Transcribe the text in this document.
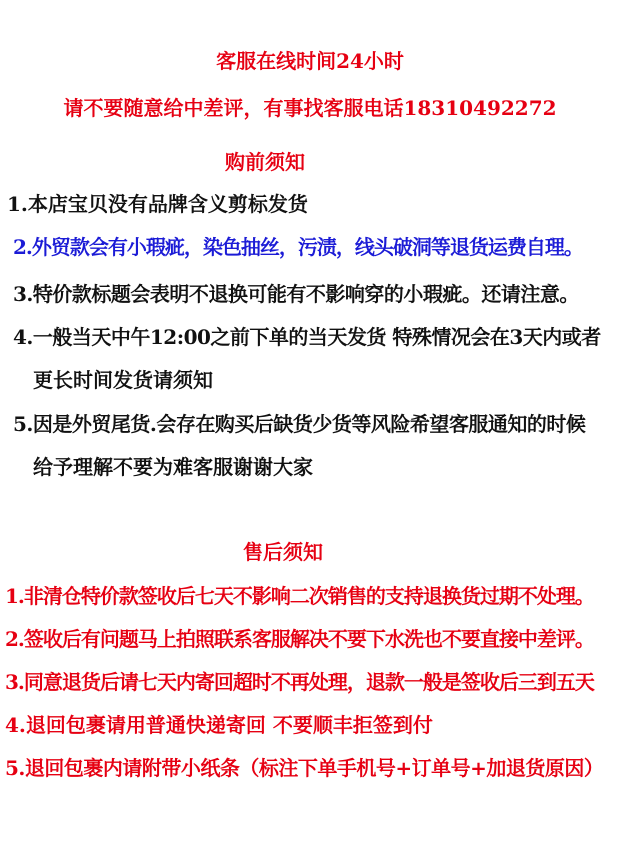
客服在线时间24小时
请不要随意给中差评，有事找客服电话18310492272
购前须知
1.本店宝贝没有品牌含义剪标发货
2.外贸款会有小瑕疵，染色抽丝，污渍，线头破洞等退货运费自理。
3.特价款标题会表明不退换可能有不影响穿的小瑕疵。还请注意。
4.一般当天中午12:00之前下单的当天发货 特殊情况会在3天内或者
更长时间发货请须知
5.因是外贸尾货.会存在购买后缺货少货等风险希望客服通知的时候
给予理解不要为难客服谢谢大家
售后须知
1.非清仓特价款签收后七天不影响二次销售的支持退换货过期不处理。
2.签收后有问题马上拍照联系客服解决不要下水洗也不要直接中差评。
3.同意退货后请七天内寄回超时不再处理，退款一般是签收后三到五天
4.退回包裹请用普通快递寄回 不要顺丰拒签到付
5.退回包裹内请附带小纸条（标注下单手机号+订单号+加退货原因）
